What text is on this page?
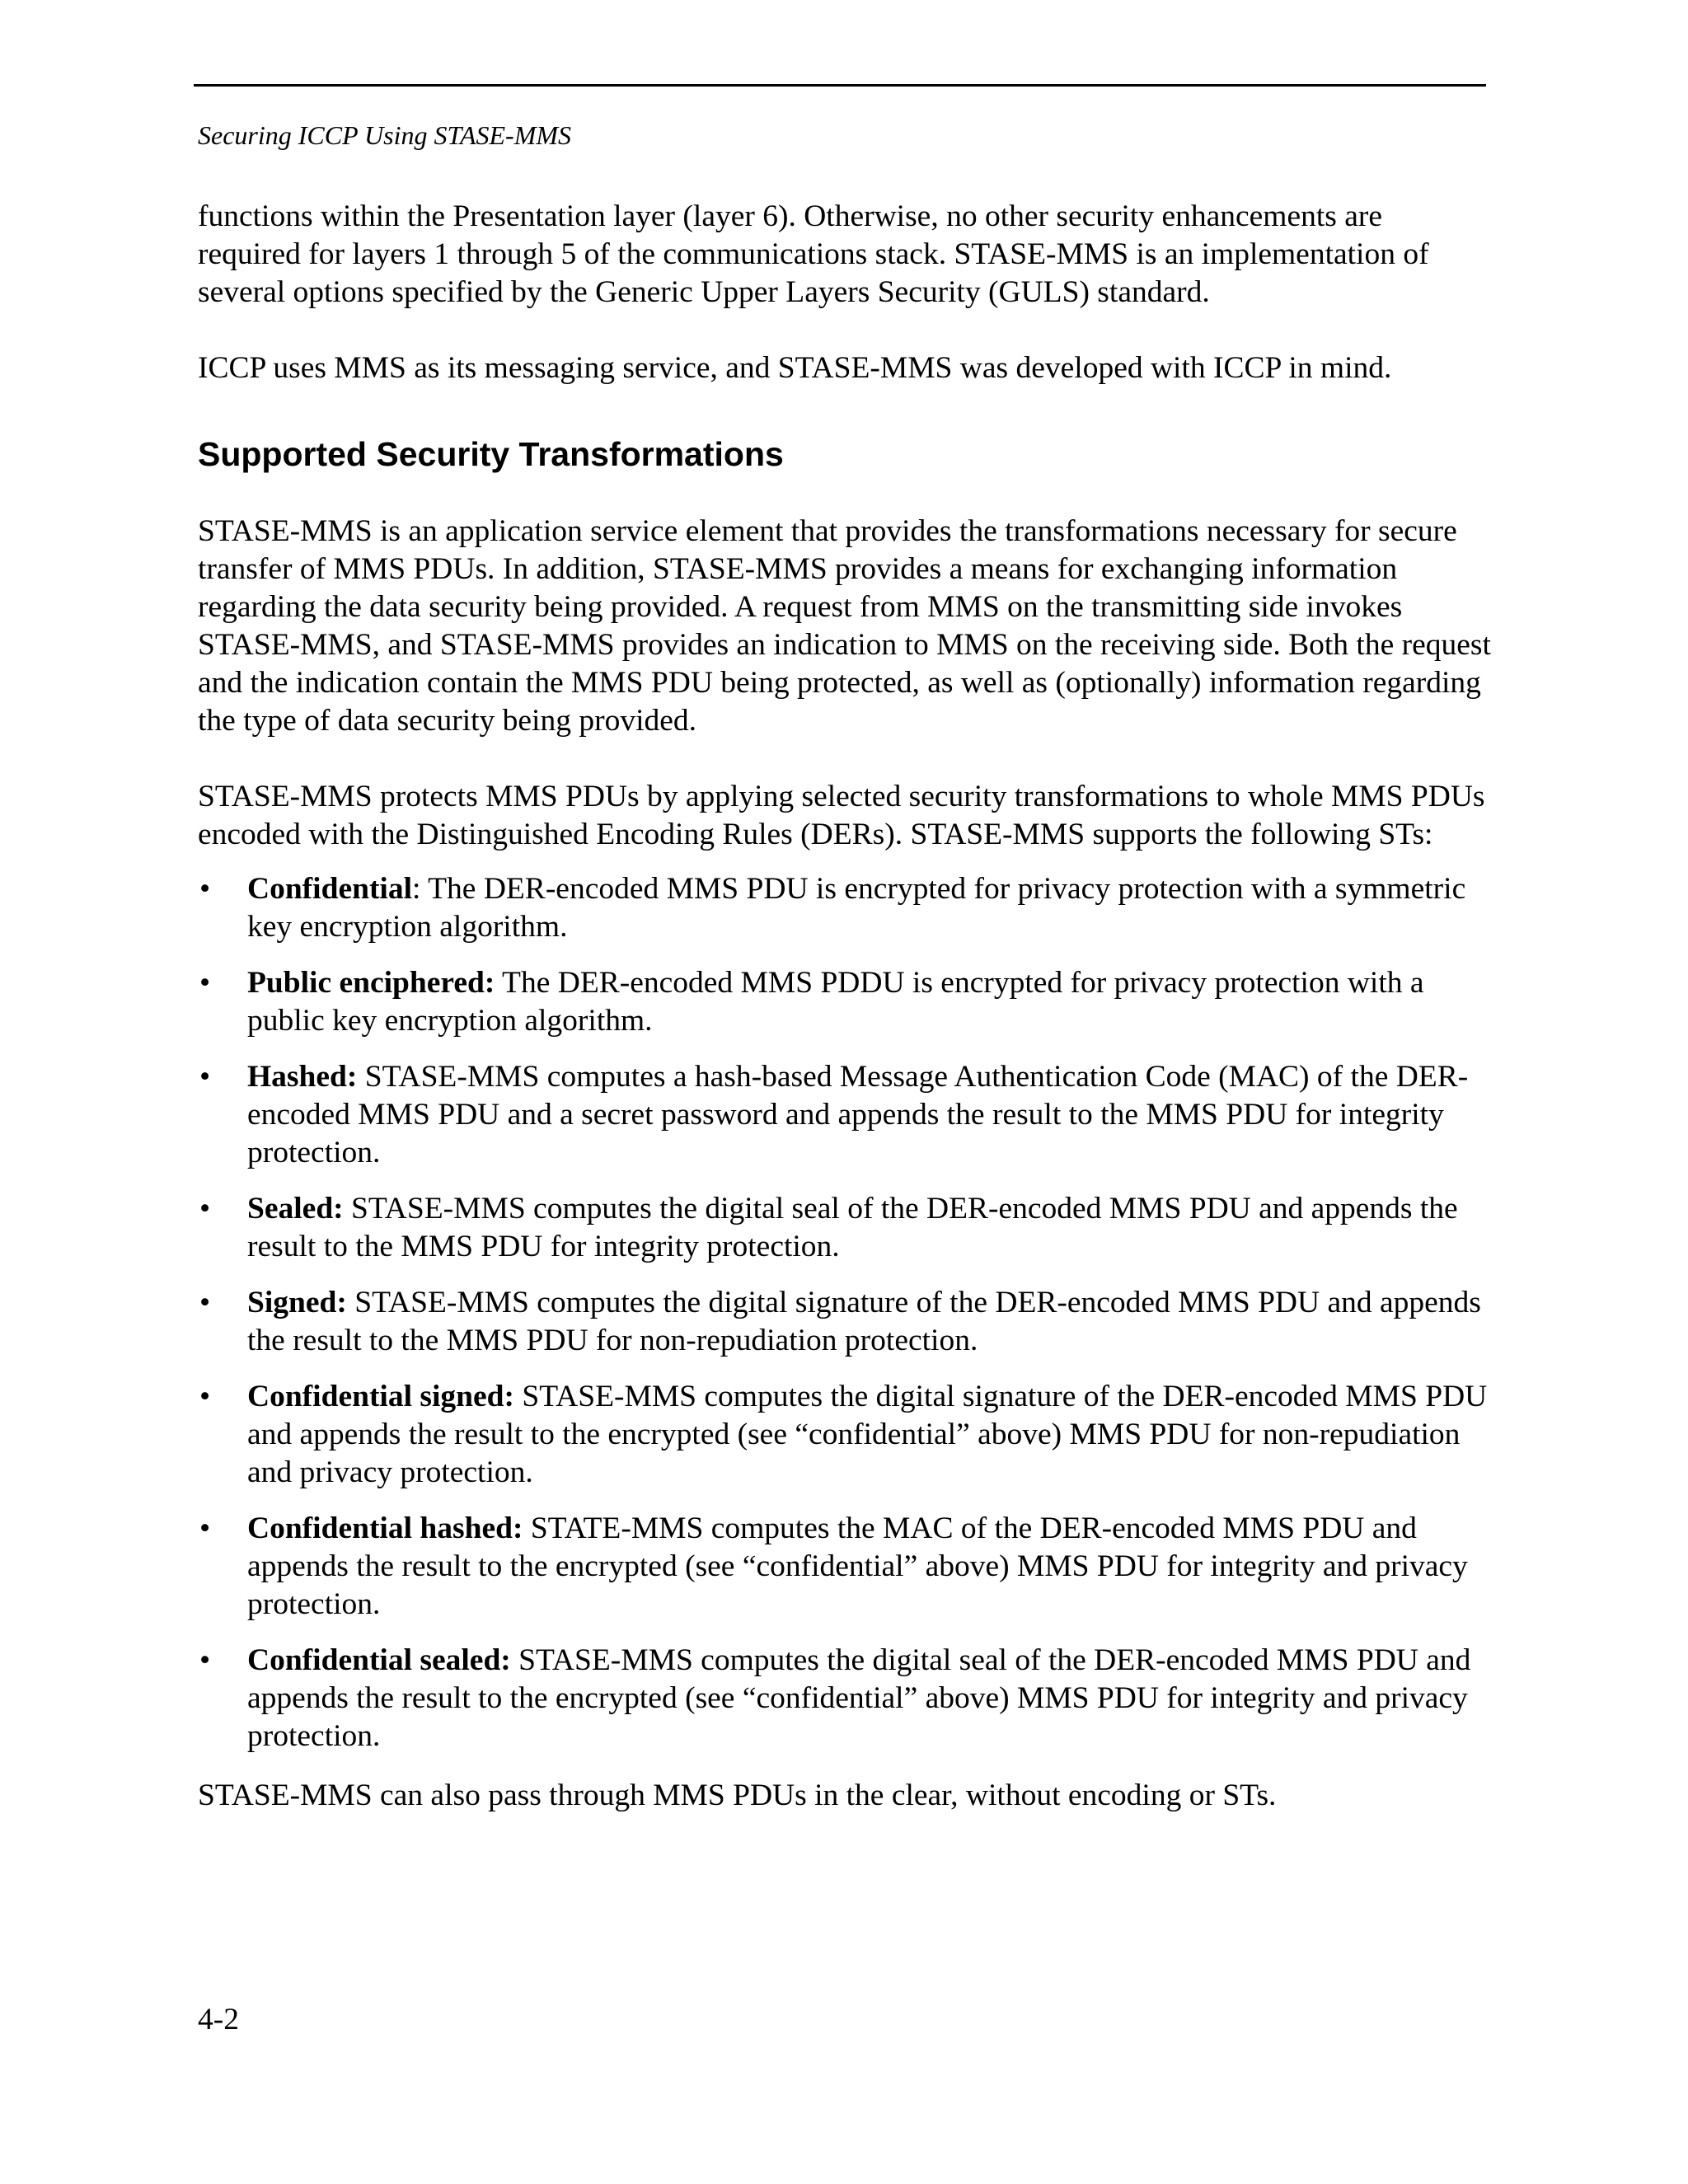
Securing ICCP Using STASE-MMS

functions within the Presentation layer (layer 6). Otherwise, no other security enhancements are required for layers 1 through 5 of the communications stack. STASE-MMS is an implementation of several options specified by the Generic Upper Layers Security (GULS) standard.

ICCP uses MMS as its messaging service, and STASE-MMS was developed with ICCP in mind.

Supported Security Transformations

STASE-MMS is an application service element that provides the transformations necessary for secure transfer of MMS PDUs. In addition, STASE-MMS provides a means for exchanging information regarding the data security being provided. A request from MMS on the transmitting side invokes STASE-MMS, and STASE-MMS provides an indication to MMS on the receiving side. Both the request and the indication contain the MMS PDU being protected, as well as (optionally) information regarding the type of data security being provided.

STASE-MMS protects MMS PDUs by applying selected security transformations to whole MMS PDUs encoded with the Distinguished Encoding Rules (DERs). STASE-MMS supports the following STs:

•	Confidential: The DER-encoded MMS PDU is encrypted for privacy protection with a symmetric key encryption algorithm.
•	Public enciphered: The DER-encoded MMS PDDU is encrypted for privacy protection with a public key encryption algorithm.
•	Hashed: STASE-MMS computes a hash-based Message Authentication Code (MAC) of the DER-encoded MMS PDU and a secret password and appends the result to the MMS PDU for integrity protection.
•	Sealed: STASE-MMS computes the digital seal of the DER-encoded MMS PDU and appends the result to the MMS PDU for integrity protection.
•	Signed: STASE-MMS computes the digital signature of the DER-encoded MMS PDU and appends the result to the MMS PDU for non-repudiation protection.
•	Confidential signed: STASE-MMS computes the digital signature of the DER-encoded MMS PDU and appends the result to the encrypted (see “confidential” above) MMS PDU for non-repudiation and privacy protection.
•	Confidential hashed: STATE-MMS computes the MAC of the DER-encoded MMS PDU and appends the result to the encrypted (see “confidential” above) MMS PDU for integrity and privacy protection.
•	Confidential sealed: STASE-MMS computes the digital seal of the DER-encoded MMS PDU and appends the result to the encrypted (see “confidential” above) MMS PDU for integrity and privacy protection.

STASE-MMS can also pass through MMS PDUs in the clear, without encoding or STs.

4-2
